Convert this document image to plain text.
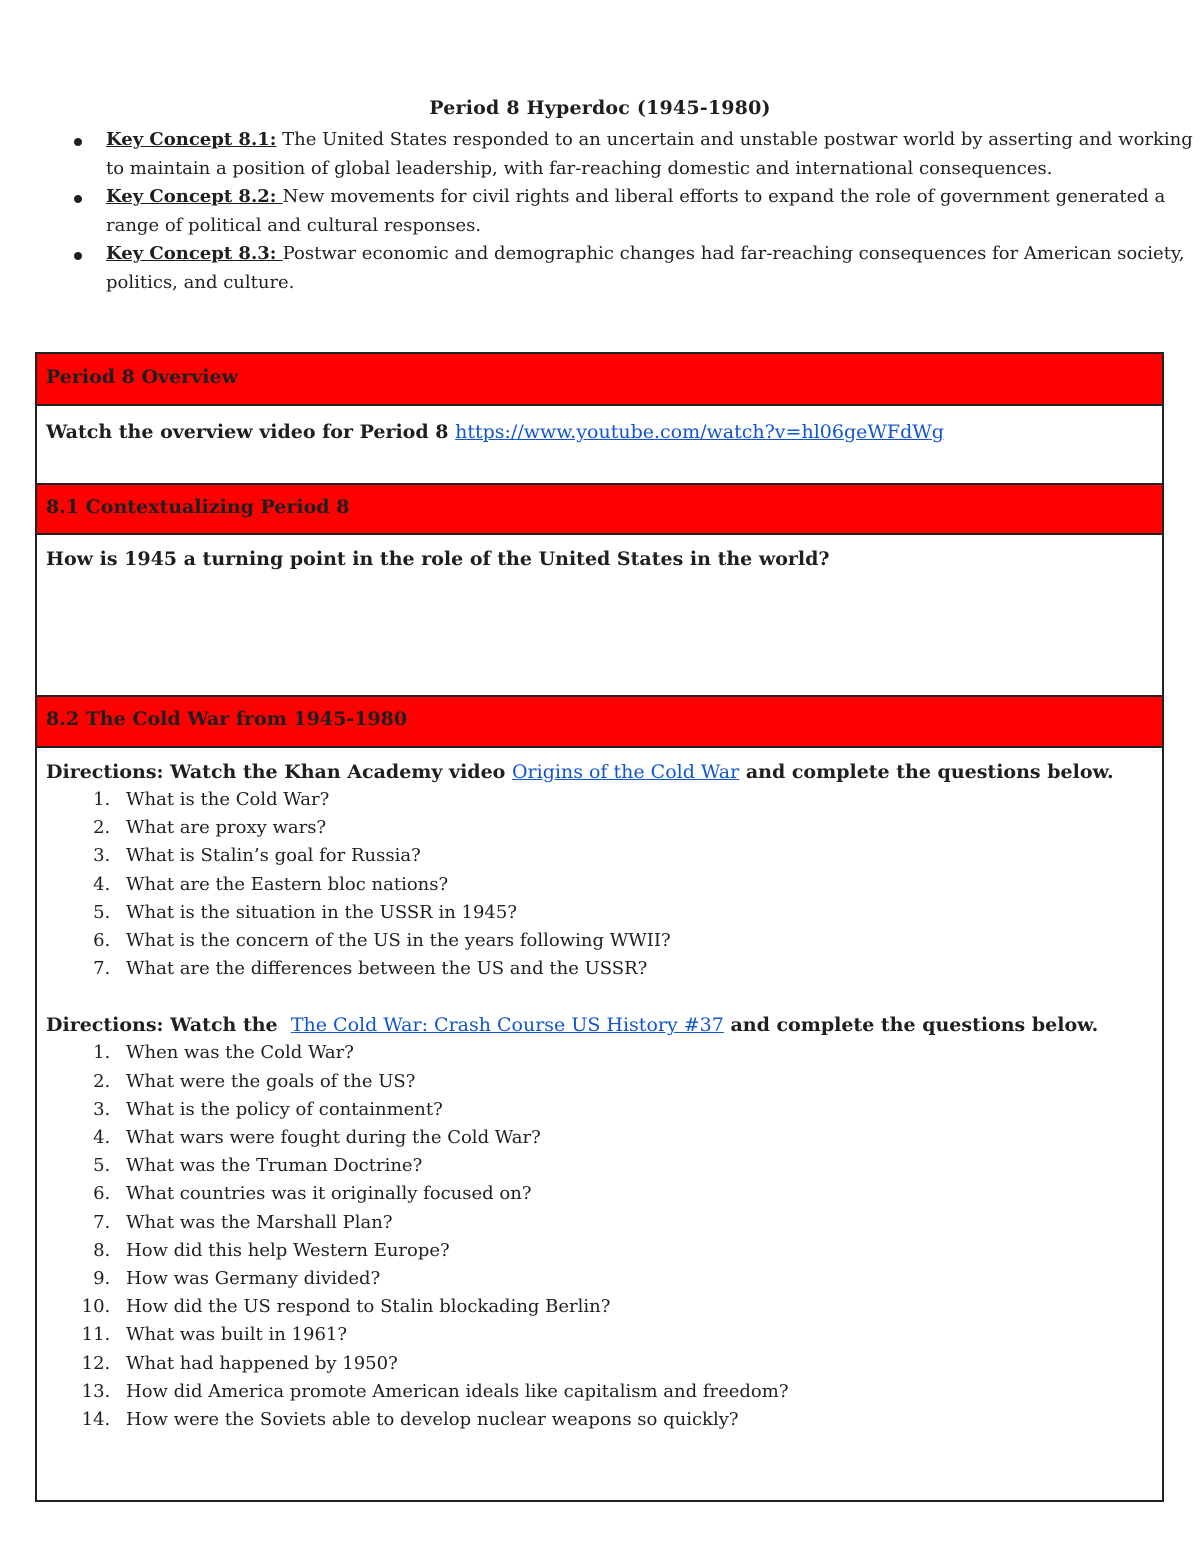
Period 8 Hyperdoc (1945-1980)
Key Concept 8.1: The United States responded to an uncertain and unstable postwar world by asserting and working to maintain a position of global leadership, with far-reaching domestic and international consequences.
Key Concept 8.2: New movements for civil rights and liberal efforts to expand the role of government generated a range of political and cultural responses.
Key Concept 8.3: Postwar economic and demographic changes had far-reaching consequences for American society, politics, and culture.
Period 8 Overview
Watch the overview video for Period 8 https://www.youtube.com/watch?v=hl06geWFdWg
8.1 Contextualizing Period 8
How is 1945 a turning point in the role of the United States in the world?
8.2 The Cold War from 1945-1980
Directions: Watch the Khan Academy video Origins of the Cold War and complete the questions below.
1. What is the Cold War?
2. What are proxy wars?
3. What is Stalin’s goal for Russia?
4. What are the Eastern bloc nations?
5. What is the situation in the USSR in 1945?
6. What is the concern of the US in the years following WWII?
7. What are the differences between the US and the USSR?
Directions: Watch the  The Cold War: Crash Course US History #37 and complete the questions below.
1. When was the Cold War?
2. What were the goals of the US?
3. What is the policy of containment?
4. What wars were fought during the Cold War?
5. What was the Truman Doctrine?
6. What countries was it originally focused on?
7. What was the Marshall Plan?
8. How did this help Western Europe?
9. How was Germany divided?
10. How did the US respond to Stalin blockading Berlin?
11. What was built in 1961?
12. What had happened by 1950?
13. How did America promote American ideals like capitalism and freedom?
14. How were the Soviets able to develop nuclear weapons so quickly?
